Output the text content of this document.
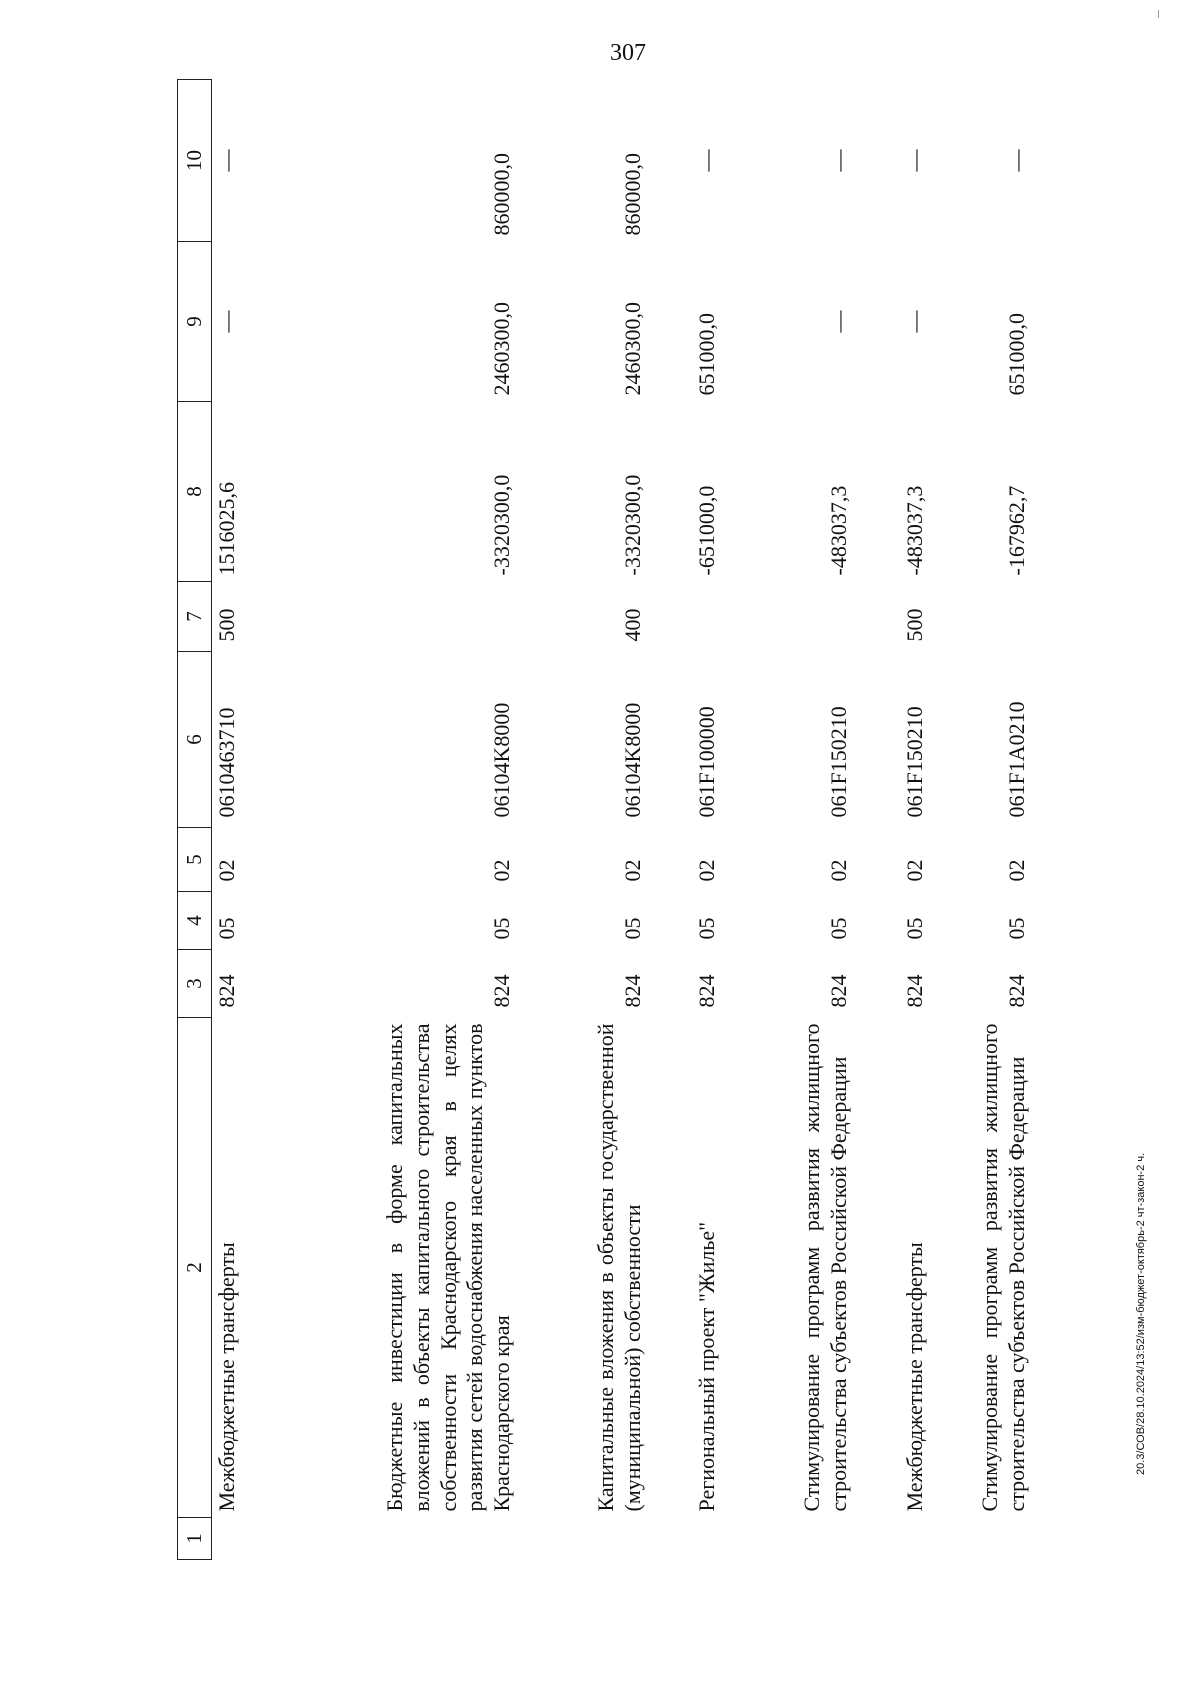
307
1	2	3	4	5	6	7	8	9	10
	Межбюджетные трансферты	824	05	02	0610463710	500	1516025,6	—	—
	Бюджетные инвестиции в форме капитальных вложений в объекты капитального строительства собственности Краснодарского края в целях развития сетей водоснабжения населенных пунктов Краснодарского края	824	05	02	06104K8000		-3320300,0	2460300,0	860000,0
	Капитальные вложения в объекты государственной (муниципальной) собственности	824	05	02	06104K8000	400	-3320300,0	2460300,0	860000,0
	Региональный проект "Жилье"	824	05	02	061F100000		-651000,0	651000,0	—
	Стимулирование программ развития жилищного строительства субъектов Российской Федерации	824	05	02	061F150210		-483037,3	—	—
	Межбюджетные трансферты	824	05	02	061F150210	500	-483037,3	—	—
	Стимулирование программ развития жилищного строительства субъектов Российской Федерации	824	05	02	061F1A0210		-167962,7	651000,0	—
20.3/СОВ/28.10.2024/13:52/изм-бюджет-октябрь-2 чт-закон-2 ч.
